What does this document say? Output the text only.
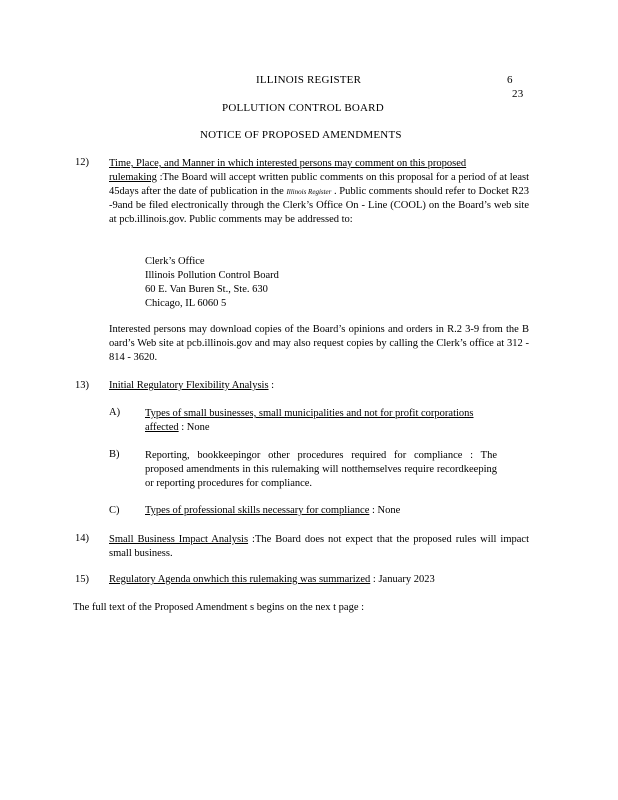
ILLINOIS REGISTER	6
23
POLLUTION CONTROL BOARD
NOTICE OF PROPOSED AMENDMENTS
12) Time, Place, and Manner in which interested persons may comment on this proposed
rulemaking :The Board will accept written public comments on this proposal for a period of at least 45days after the date of publication in the Illinois Register . Public comments should refer to Docket R23 -9and be filed electronically through the Clerk’s Office On - Line (COOL) on the Board’s web site at pcb.illinois.gov. Public comments may be addressed to:
Clerk’s Office
Illinois Pollution Control Board
60 E. Van Buren St., Ste. 630
Chicago, IL 6060 5
Interested persons may download copies of the Board’s opinions and orders in R.2 3-9 from the B oard’s Web site at pcb.illinois.gov and may also request copies by calling the Clerk’s office at 312 - 814 - 3620.
13) Initial Regulatory Flexibility Analysis :
A) Types of small businesses, small municipalities and not for profit corporations
affected : None
B) Reporting, bookkeepingor other procedures required for compliance : The proposed amendments in this rulemaking will notthemselves require recordkeeping or reporting procedures for compliance.
C) Types of professional skills necessary for compliance : None
14) Small Business Impact Analysis :The Board does not expect that the proposed rules will impact small business.
15) Regulatory Agenda onwhich this rulemaking was summarized : January 2023
The full text of the Proposed Amendment s begins on the nex t page :
